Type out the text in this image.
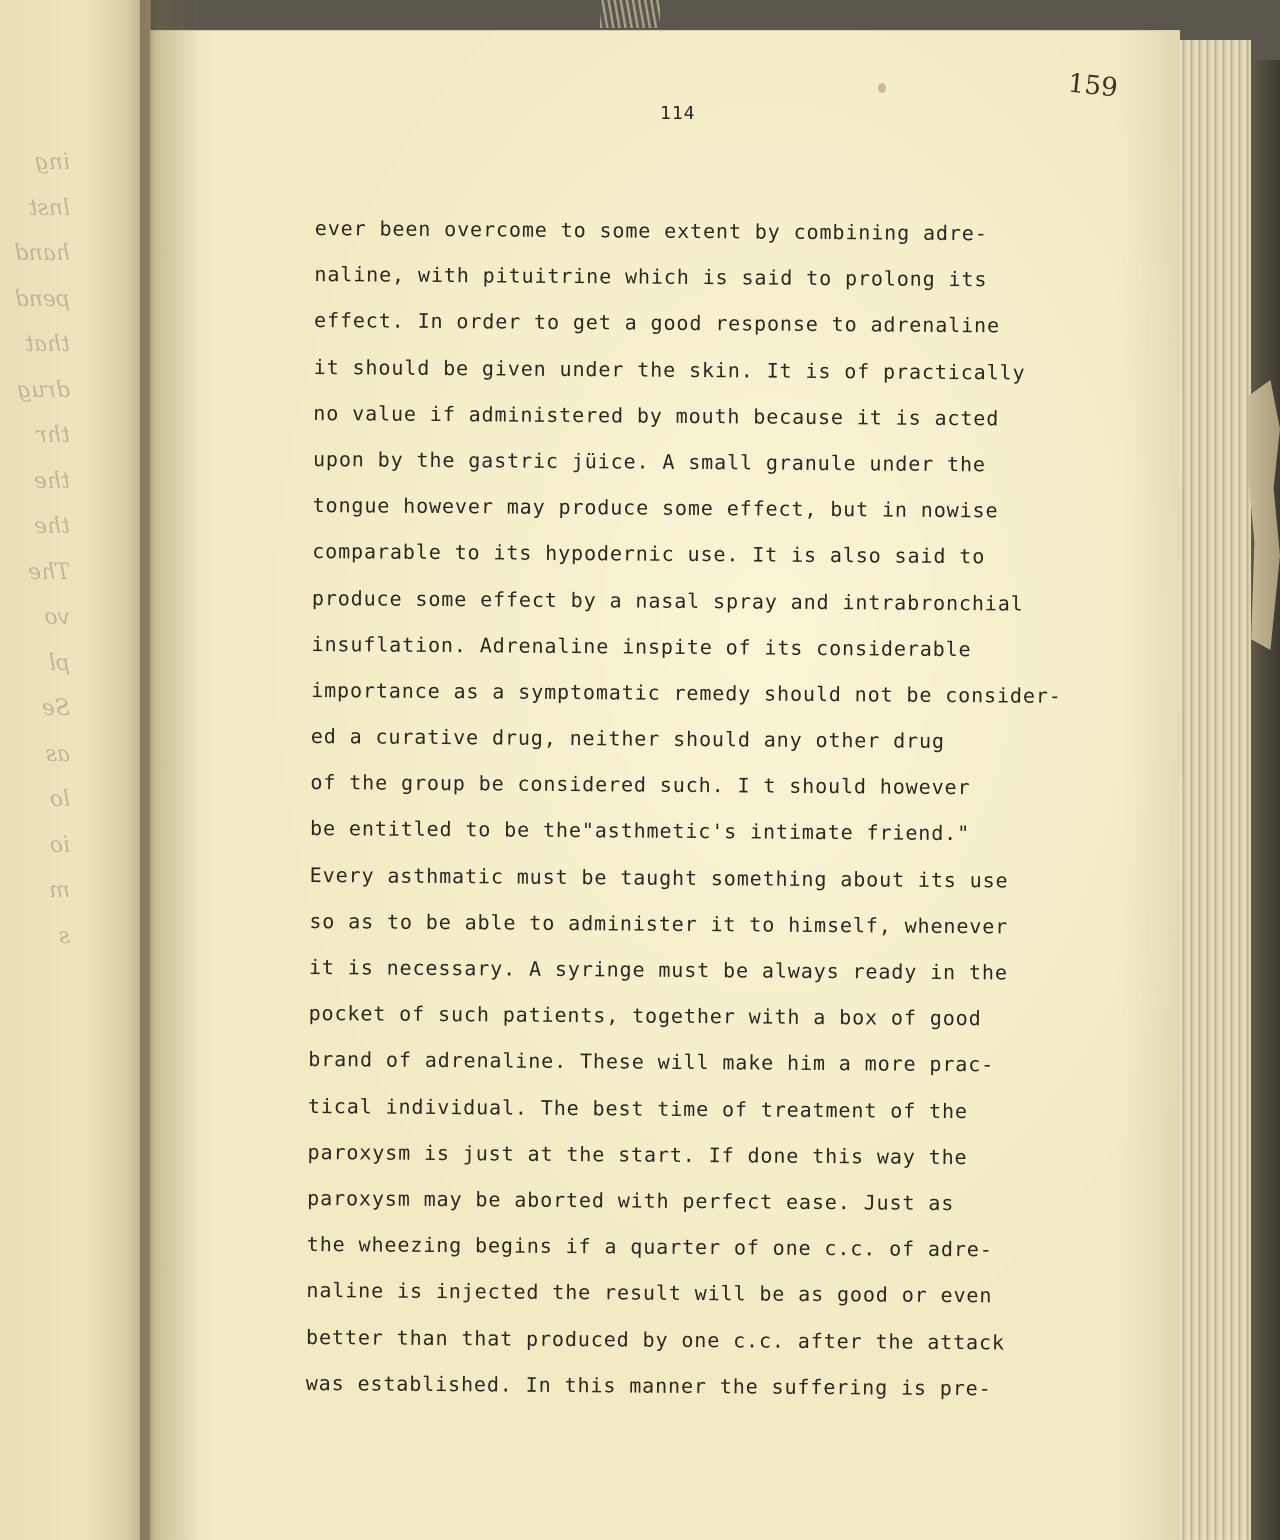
ing
lnst
hand
pend
that
drug
thr
the
the
The
vo
pl
Se
as
lo
io
m
s
114
159
ever been overcome to some extent by combining adre-
naline, with pituitrine which is said to prolong its
effect. In order to get a good response to adrenaline
it should be given under the skin. It is of practically
no value if administered by mouth because it is acted
upon by the gastric jüice. A small granule under the
tongue however may produce some effect, but in nowise
comparable to its hypodernic use. It is also said to
produce some effect by a nasal spray and intrabronchial
insuflation. Adrenaline inspite of its considerable
importance as a symptomatic remedy should not be consider-
ed a curative drug, neither should any other drug
of the group be considered such. I t should however
be entitled to be the"asthmetic's intimate friend."
Every asthmatic must be taught something about its use
so as to be able to administer it to himself, whenever
it is necessary. A syringe must be always ready in the
pocket of such patients, together with a box of good
brand of adrenaline. These will make him a more prac-
tical individual. The best time of treatment of the
paroxysm is just at the start. If done this way the
paroxysm may be aborted with perfect ease. Just as
the wheezing begins if a quarter of one c.c. of adre-
naline is injected the result will be as good or even
better than that produced by one c.c. after the attack
was established. In this manner the suffering is pre-
